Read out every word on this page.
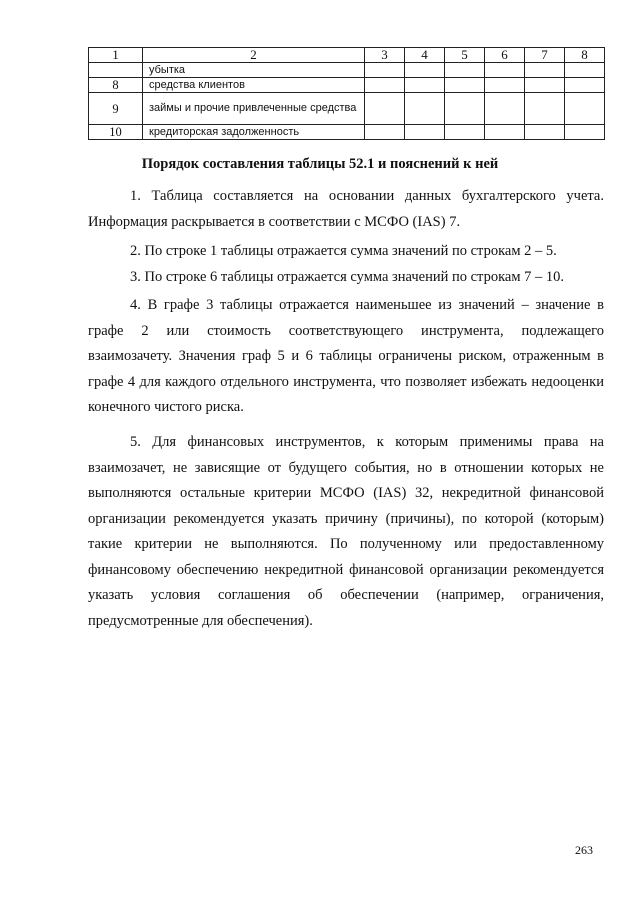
1	2	3	4	5	6	7	8
	убытка						
8	средства клиентов						
9	займы и прочие привлеченные средства						
10	кредиторская задолженность						
Порядок составления таблицы 52.1 и пояснений к ней

1. Таблица составляется на основании данных бухгалтерского учета. Информация раскрывается в соответствии с МСФО (IAS) 7.

2. По строке 1 таблицы отражается сумма значений по строкам 2 – 5.

3. По строке 6 таблицы отражается сумма значений по строкам 7 – 10.

4. В графе 3 таблицы отражается наименьшее из значений – значение в графе 2 или стоимость соответствующего инструмента, подлежащего взаимозачету. Значения граф 5 и 6 таблицы ограничены риском, отраженным в графе 4 для каждого отдельного инструмента, что позволяет избежать недооценки конечного чистого риска.

5. Для финансовых инструментов, к которым применимы права на взаимозачет, не зависящие от будущего события, но в отношении которых не выполняются остальные критерии МСФО (IAS) 32, некредитной финансовой организации рекомендуется указать причину (причины), по которой (которым) такие критерии не выполняются. По полученному или предоставленному финансовому обеспечению некредитной финансовой организации рекомендуется указать условия соглашения об обеспечении (например, ограничения, предусмотренные для обеспечения).

263
